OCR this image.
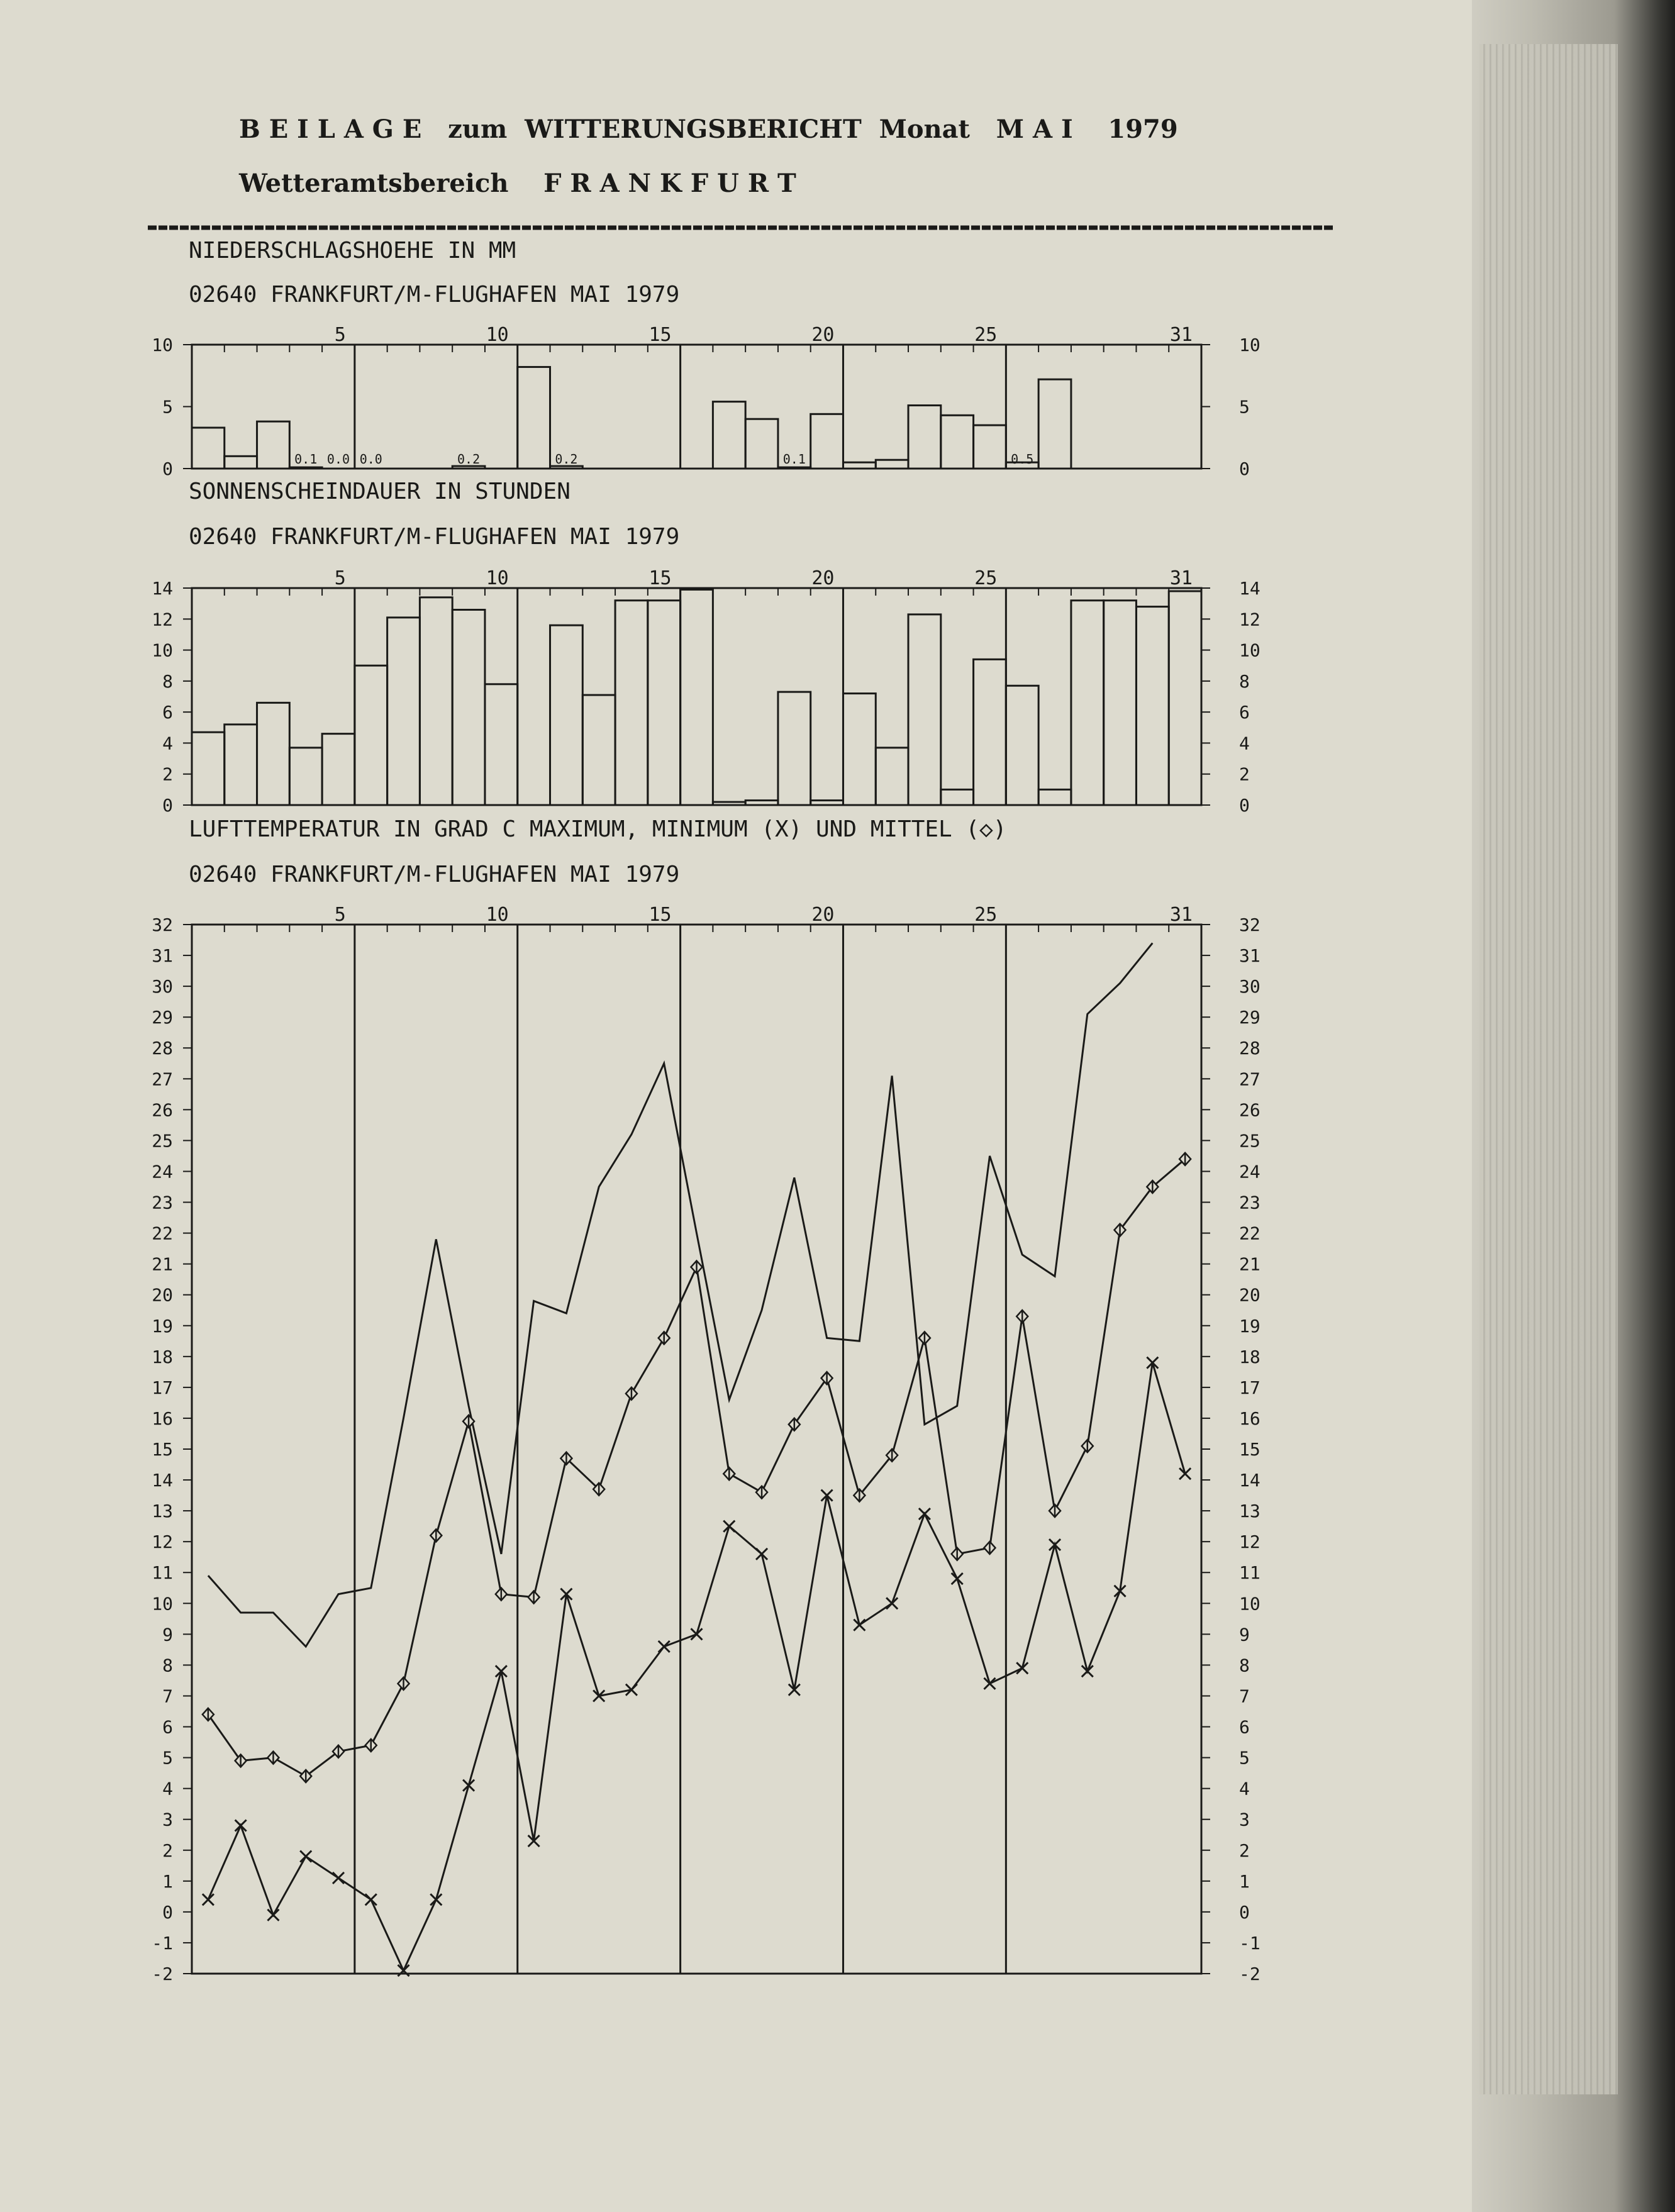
B E I L A G E   zum  WITTERUNGSBERICHT  Monat   M A I    1979
Wetteramtsbereich    F R A N K F U R T
NIEDERSCHLAGSHOEHE IN MM
02640 FRANKFURT/M-FLUGHAFEN MAI 1979
5	10	15	20	25	31
0	0
5	5
10	10
0.1 0.0 0.0	0.2	0.2	0.1	0.5
SONNENSCHEINDAUER IN STUNDEN
02640 FRANKFURT/M-FLUGHAFEN MAI 1979
5	10	15	20	25	31
0	0
2	2
4	4
6	6
8	8
10	10
12	12
14	14
LUFTTEMPERATUR IN GRAD C MAXIMUM, MINIMUM (X) UND MITTEL (◇)
02640 FRANKFURT/M-FLUGHAFEN MAI 1979
5	10	15	20	25	31
-2	-2
-1	-1
0	0
1	1
2	2
3	3
4	4
5	5
6	6
7	7
8	8
9	9
10	10
11	11
12	12
13	13
14	14
15	15
16	16
17	17
18	18
19	19
20	20
21	21
22	22
23	23
24	24
25	25
26	26
27	27
28	28
29	29
30	30
31	31
32	32
